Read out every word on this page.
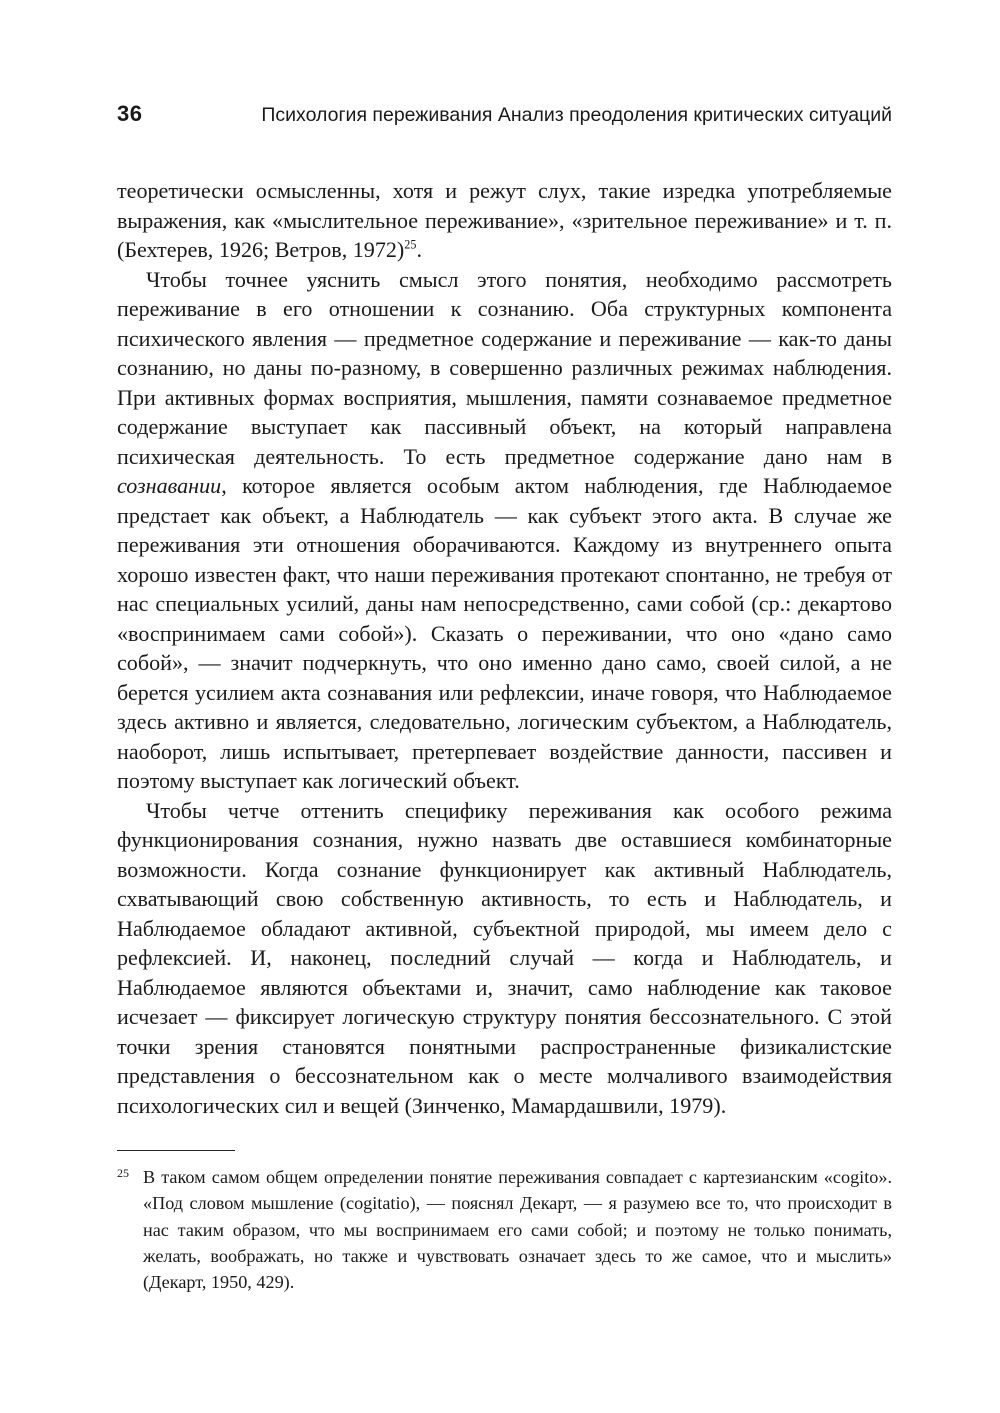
36	Психология переживания Анализ преодоления критических ситуаций

теоретически осмысленны, хотя и режут слух, такие изредка употребляемые выражения, как «мыслительное переживание», «зрительное переживание» и т. п. (Бехтерев, 1926; Ветров, 1972)$^{25}$.

Чтобы точнее уяснить смысл этого понятия, необходимо рассмотреть переживание в его отношении к сознанию. Оба структурных компонента психического явления — предметное содержание и переживание — как-то даны сознанию, но даны по-разному, в совершенно различных режимах наблюдения. При активных формах восприятия, мышления, памяти сознаваемое предметное содержание выступает как пассивный объект, на который направлена психическая деятельность. То есть предметное содержание дано нам в сознавании, которое является особым актом наблюдения, где Наблюдаемое предстает как объект, а Наблюдатель — как субъект этого акта. В случае же переживания эти отношения оборачиваются. Каждому из внутреннего опыта хорошо известен факт, что наши переживания протекают спонтанно, не требуя от нас специальных усилий, даны нам непосредственно, сами собой (ср.: декартово «воспринимаем сами собой»). Сказать о переживании, что оно «дано само собой», — значит подчеркнуть, что оно именно дано само, своей силой, а не берется усилием акта сознавания или рефлексии, иначе говоря, что Наблюдаемое здесь активно и является, следовательно, логическим субъектом, а Наблюдатель, наоборот, лишь испытывает, претерпевает воздействие данности, пассивен и поэтому выступает как логический объект.

Чтобы четче оттенить специфику переживания как особого режима функционирования сознания, нужно назвать две оставшиеся комбинаторные возможности. Когда сознание функционирует как активный Наблюдатель, схватывающий свою собственную активность, то есть и Наблюдатель, и Наблюдаемое обладают активной, субъектной природой, мы имеем дело с рефлексией. И, наконец, последний случай — когда и Наблюдатель, и Наблюдаемое являются объектами и, значит, само наблюдение как таковое исчезает — фиксирует логическую структуру понятия бессознательного. С этой точки зрения становятся понятными распространенные физикалистские представления о бессознательном как о месте молчаливого взаимодействия психологических сил и вещей (Зинченко, Мамардашвили, 1979).

25 В таком самом общем определении понятие переживания совпадает с картезианским «cogito». «Под словом мышление (cogitatio), — пояснял Декарт, — я разумею все то, что происходит в нас таким образом, что мы воспринимаем его сами собой; и поэтому не только понимать, желать, воображать, но также и чувствовать означает здесь то же самое, что и мыслить» (Декарт, 1950, 429).
